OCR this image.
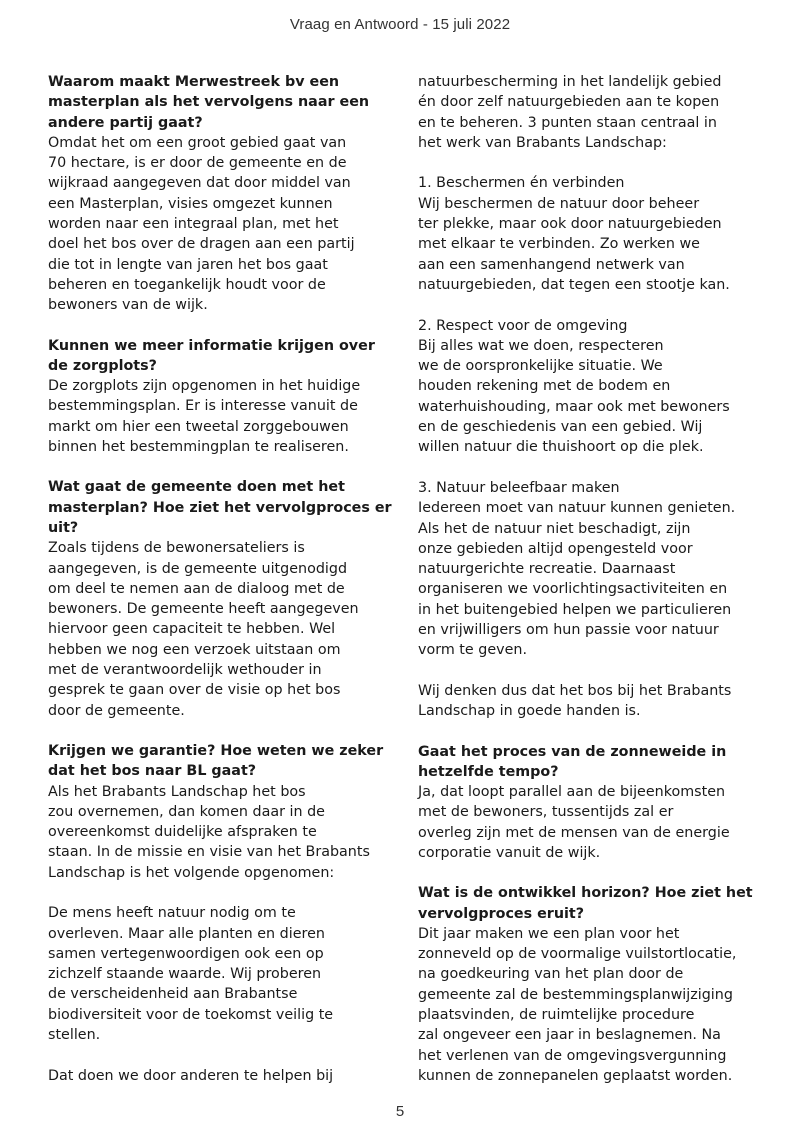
Vraag en Antwoord - 15 juli 2022
Waarom maakt Merwestreek bv een
masterplan als het vervolgens naar een
andere partij gaat?
Omdat het om een groot gebied gaat van
70 hectare, is er door de gemeente en de
wijkraad aangegeven dat door middel van
een Masterplan, visies omgezet kunnen
worden naar een integraal plan, met het
doel het bos over de dragen aan een partij
die tot in lengte van jaren het bos gaat
beheren en toegankelijk houdt voor de
bewoners van de wijk.
Kunnen we meer informatie krijgen over
de zorgplots?
De zorgplots zijn opgenomen in het huidige
bestemmingsplan. Er is interesse vanuit de
markt om hier een tweetal zorggebouwen
binnen het bestemmingplan te realiseren.
Wat gaat de gemeente doen met het
masterplan? Hoe ziet het vervolgproces er
uit?
Zoals tijdens de bewonersateliers is
aangegeven, is de gemeente uitgenodigd
om deel te nemen aan de dialoog met de
bewoners. De gemeente heeft aangegeven
hiervoor geen capaciteit te hebben. Wel
hebben we nog een verzoek uitstaan om
met de verantwoordelijk wethouder in
gesprek te gaan over de visie op het bos
door de gemeente.
Krijgen we garantie? Hoe weten we zeker
dat het bos naar BL gaat?
Als het Brabants Landschap het bos
zou overnemen, dan komen daar in de
overeenkomst duidelijke afspraken te
staan. In de missie en visie van het Brabants
Landschap is het volgende opgenomen:
De mens heeft natuur nodig om te
overleven. Maar alle planten en dieren
samen vertegenwoordigen ook een op
zichzelf staande waarde. Wij proberen
de verscheidenheid aan Brabantse
biodiversiteit voor de toekomst veilig te
stellen.
Dat doen we door anderen te helpen bij
natuurbescherming in het landelijk gebied
én door zelf natuurgebieden aan te kopen
en te beheren. 3 punten staan centraal in
het werk van Brabants Landschap:
1. Beschermen én verbinden
Wij beschermen de natuur door beheer
ter plekke, maar ook door natuurgebieden
met elkaar te verbinden. Zo werken we
aan een samenhangend netwerk van
natuurgebieden, dat tegen een stootje kan.
2. Respect voor de omgeving
Bij alles wat we doen, respecteren
we de oorspronkelijke situatie. We
houden rekening met de bodem en
waterhuishouding, maar ook met bewoners
en de geschiedenis van een gebied. Wij
willen natuur die thuishoort op die plek.
3. Natuur beleefbaar maken
Iedereen moet van natuur kunnen genieten.
Als het de natuur niet beschadigt, zijn
onze gebieden altijd opengesteld voor
natuurgerichte recreatie. Daarnaast
organiseren we voorlichtingsactiviteiten en
in het buitengebied helpen we particulieren
en vrijwilligers om hun passie voor natuur
vorm te geven.
Wij denken dus dat het bos bij het Brabants
Landschap in goede handen is.
Gaat het proces van de zonneweide in
hetzelfde tempo?
Ja, dat loopt parallel aan de bijeenkomsten
met de bewoners, tussentijds zal er
overleg zijn met de mensen van de energie
corporatie vanuit de wijk.
Wat is de ontwikkel horizon? Hoe ziet het
vervolgproces eruit?
Dit jaar maken we een plan voor het
zonneveld op de voormalige vuilstortlocatie,
na goedkeuring van het plan door de
gemeente zal de bestemmingsplanwijziging
plaatsvinden, de ruimtelijke procedure
zal ongeveer een jaar in beslagnemen. Na
het verlenen van de omgevingsvergunning
kunnen de zonnepanelen geplaatst worden.
5
